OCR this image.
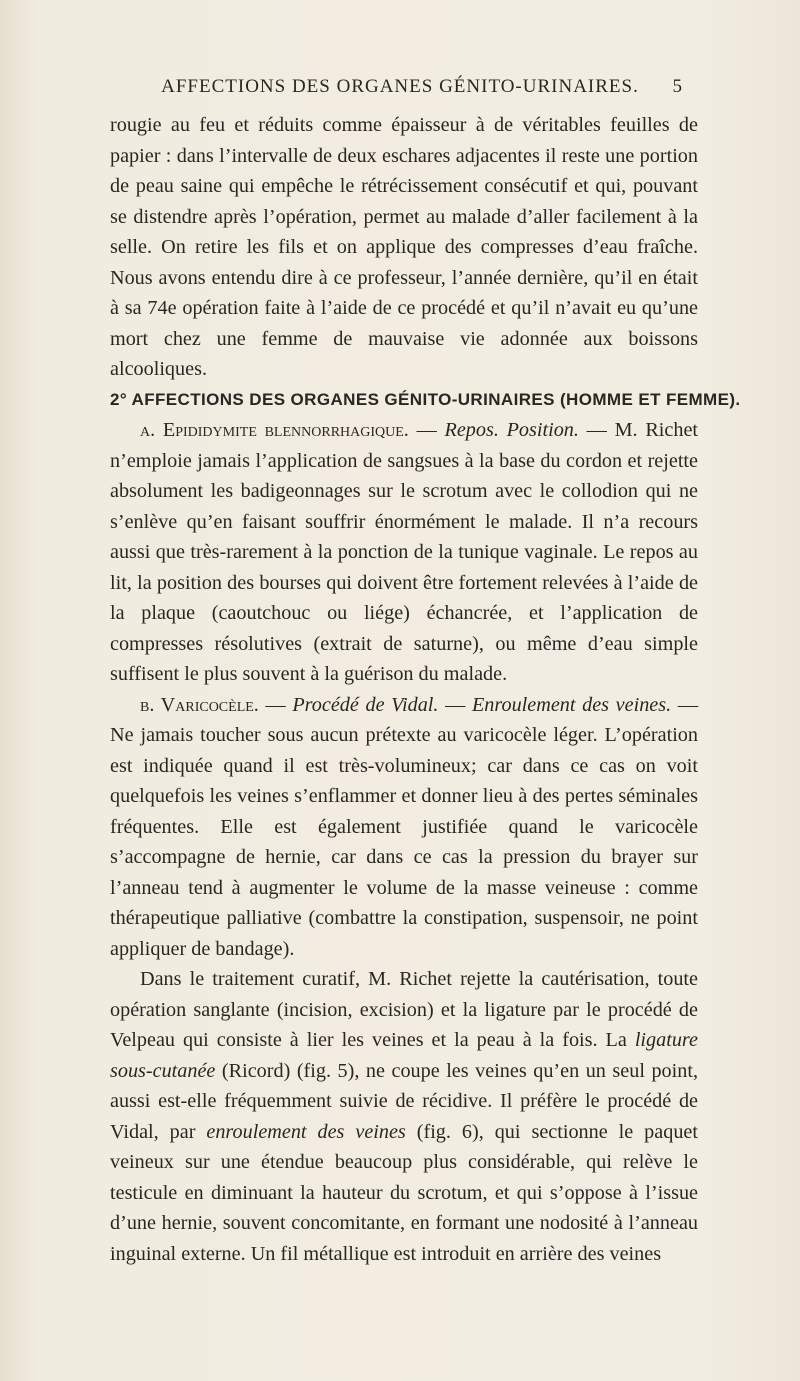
AFFECTIONS DES ORGANES GÉNITO-URINAIRES.	5

rougie au feu et réduits comme épaisseur à de véritables feuilles de papier : dans l’intervalle de deux eschares adjacentes il reste une portion de peau saine qui empêche le rétrécissement consécutif et qui, pouvant se distendre après l’opération, permet au malade d’aller facilement à la selle. On retire les fils et on applique des compresses d’eau fraîche. Nous avons entendu dire à ce professeur, l’année dernière, qu’il en était à sa 74e opération faite à l’aide de ce procédé et qu’il n’avait eu qu’une mort chez une femme de mauvaise vie adonnée aux boissons alcooliques.

2° AFFECTIONS DES ORGANES GÉNITO-URINAIRES (HOMME ET FEMME).

a. Epididymite blennorrhagique. — Repos. Position. — M. Richet n’emploie jamais l’application de sangsues à la base du cordon et rejette absolument les badigeonnages sur le scrotum avec le collodion qui ne s’enlève qu’en faisant souffrir énormément le malade. Il n’a recours aussi que très-rarement à la ponction de la tunique vaginale. Le repos au lit, la position des bourses qui doivent être fortement relevées à l’aide de la plaque (caoutchouc ou liége) échancrée, et l’application de compresses résolutives (extrait de saturne), ou même d’eau simple suffisent le plus souvent à la guérison du malade.

b. Varicocèle. — Procédé de Vidal. — Enroulement des veines. — Ne jamais toucher sous aucun prétexte au varicocèle léger. L’opération est indiquée quand il est très-volumineux; car dans ce cas on voit quelquefois les veines s’enflammer et donner lieu à des pertes séminales fréquentes. Elle est également justifiée quand le varicocèle s’accompagne de hernie, car dans ce cas la pression du brayer sur l’anneau tend à augmenter le volume de la masse veineuse : comme thérapeutique palliative (combattre la constipation, suspensoir, ne point appliquer de bandage).

Dans le traitement curatif, M. Richet rejette la cautérisation, toute opération sanglante (incision, excision) et la ligature par le procédé de Velpeau qui consiste à lier les veines et la peau à la fois. La ligature sous-cutanée (Ricord) (fig. 5), ne coupe les veines qu’en un seul point, aussi est-elle fréquemment suivie de récidive. Il préfère le procédé de Vidal, par enroulement des veines (fig. 6), qui sectionne le paquet veineux sur une étendue beaucoup plus considérable, qui relève le testicule en diminuant la hauteur du scrotum, et qui s’oppose à l’issue d’une hernie, souvent concomitante, en formant une nodosité à l’anneau inguinal externe. Un fil métallique est introduit en arrière des veines
